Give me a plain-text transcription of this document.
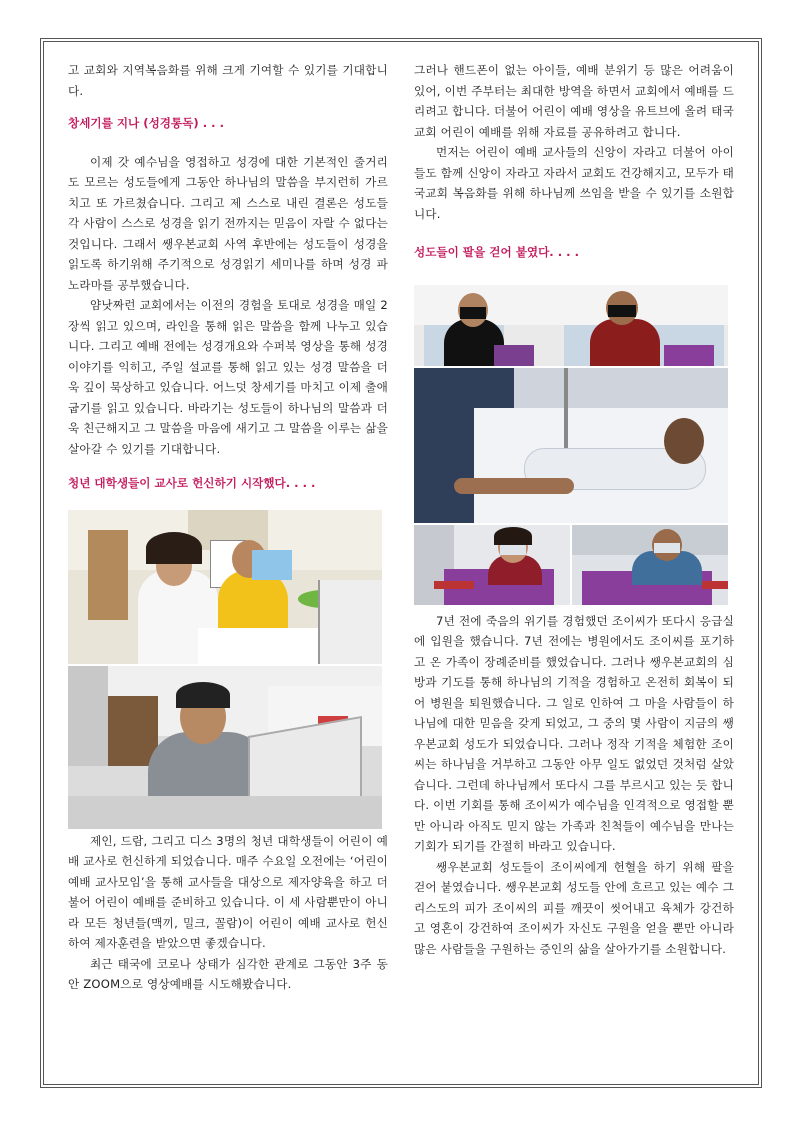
고 교회와 지역복음화를 위해 크게 기여할 수 있기를 기대합니다.

창세기를 지나 (성경통독) . . .

이제 갓 예수님을 영접하고 성경에 대한 기본적인 줄거리도 모르는 성도들에게 그동안 하나님의 말씀을 부지런히 가르치고 또 가르쳤습니다. 그리고 제 스스로 내린 결론은 성도들 각 사람이 스스로 성경을 읽기 전까지는 믿음이 자랄 수 없다는 것입니다. 그래서 쌩우본교회 사역 후반에는 성도들이 성경을 읽도록 하기위해 주기적으로 성경읽기 세미나를 하며 성경 파노라마를 공부했습니다.

얌낫짜런 교회에서는 이전의 경험을 토대로 성경을 매일 2장씩 읽고 있으며, 라인을 통해 읽은 말씀을 함께 나누고 있습니다. 그리고 예배 전에는 성경개요와 수퍼북 영상을 통해 성경 이야기를 익히고, 주일 설교를 통해 읽고 있는 성경 말씀을 더욱 깊이 묵상하고 있습니다. 어느덧 창세기를 마치고 이제 출애굽기를 읽고 있습니다. 바라기는 성도들이 하나님의 말씀과 더욱 친근해지고 그 말씀을 마음에 새기고 그 말씀을 이루는 삶을 살아갈 수 있기를 기대합니다.

청년 대학생들이 교사로 헌신하기 시작했다. . . .

제인, 드람, 그리고 디스 3명의 청년 대학생들이 어린이 예배 교사로 헌신하게 되었습니다. 매주 수요일 오전에는 ‘어린이 예배 교사모임’을 통해 교사들을 대상으로 제자양육을 하고 더불어 어린이 예배를 준비하고 있습니다. 이 세 사람뿐만이 아니라 모든 청년들(맥끼, 밀크, 꼴람)이 어린이 예배 교사로 헌신하여 제자훈련을 받았으면 좋겠습니다.

최근 태국에 코로나 상태가 심각한 관계로 그동안 3주 동안 ZOOM으로 영상예배를 시도해봤습니다.

그러나 핸드폰이 없는 아이들, 예배 분위기 등 많은 어려움이 있어, 이번 주부터는 최대한 방역을 하면서 교회에서 예배를 드리려고 합니다. 더불어 어린이 예배 영상을 유트브에 올려 태국교회 어린이 예배를 위해 자료를 공유하려고 합니다.

먼저는 어린이 예배 교사들의 신앙이 자라고 더불어 아이들도 함께 신앙이 자라고 자라서 교회도 건강해지고, 모두가 태국교회 복음화를 위해 하나님께 쓰임을 받을 수 있기를 소원합니다.

성도들이 팔을 걷어 붙였다. . . .

7년 전에 죽음의 위기를 경험했던 조이씨가 또다시 응급실에 입원을 했습니다. 7년 전에는 병원에서도 조이씨를 포기하고 온 가족이 장례준비를 했었습니다. 그러나 쌩우본교회의 심방과 기도를 통해 하나님의 기적을 경험하고 온전히 회복이 되어 병원을 퇴원했습니다. 그 일로 인하여 그 마을 사람들이 하나님에 대한 믿음을 갖게 되었고, 그 중의 몇 사람이 지금의 쌩우본교회 성도가 되었습니다. 그러나 정작 기적을 체험한 조이씨는 하나님을 거부하고 그동안 아무 일도 없었던 것처럼 살았습니다. 그런데 하나님께서 또다시 그를 부르시고 있는 듯 합니다. 이번 기회를 통해 조이씨가 예수님을 인격적으로 영접할 뿐만 아니라 아직도 믿지 않는 가족과 친척들이 예수님을 만나는 기회가 되기를 간절히 바라고 있습니다.

쌩우본교회 성도들이 조이씨에게 헌혈을 하기 위해 팔을 걷어 붙였습니다. 쌩우본교회 성도들 안에 흐르고 있는 예수 그리스도의 피가 조이씨의 피를 깨끗이 씻어내고 육체가 강건하고 영혼이 강건하여 조이씨가 자신도 구원을 얻을 뿐만 아니라 많은 사람들을 구원하는 증인의 삶을 살아가기를 소원합니다.
